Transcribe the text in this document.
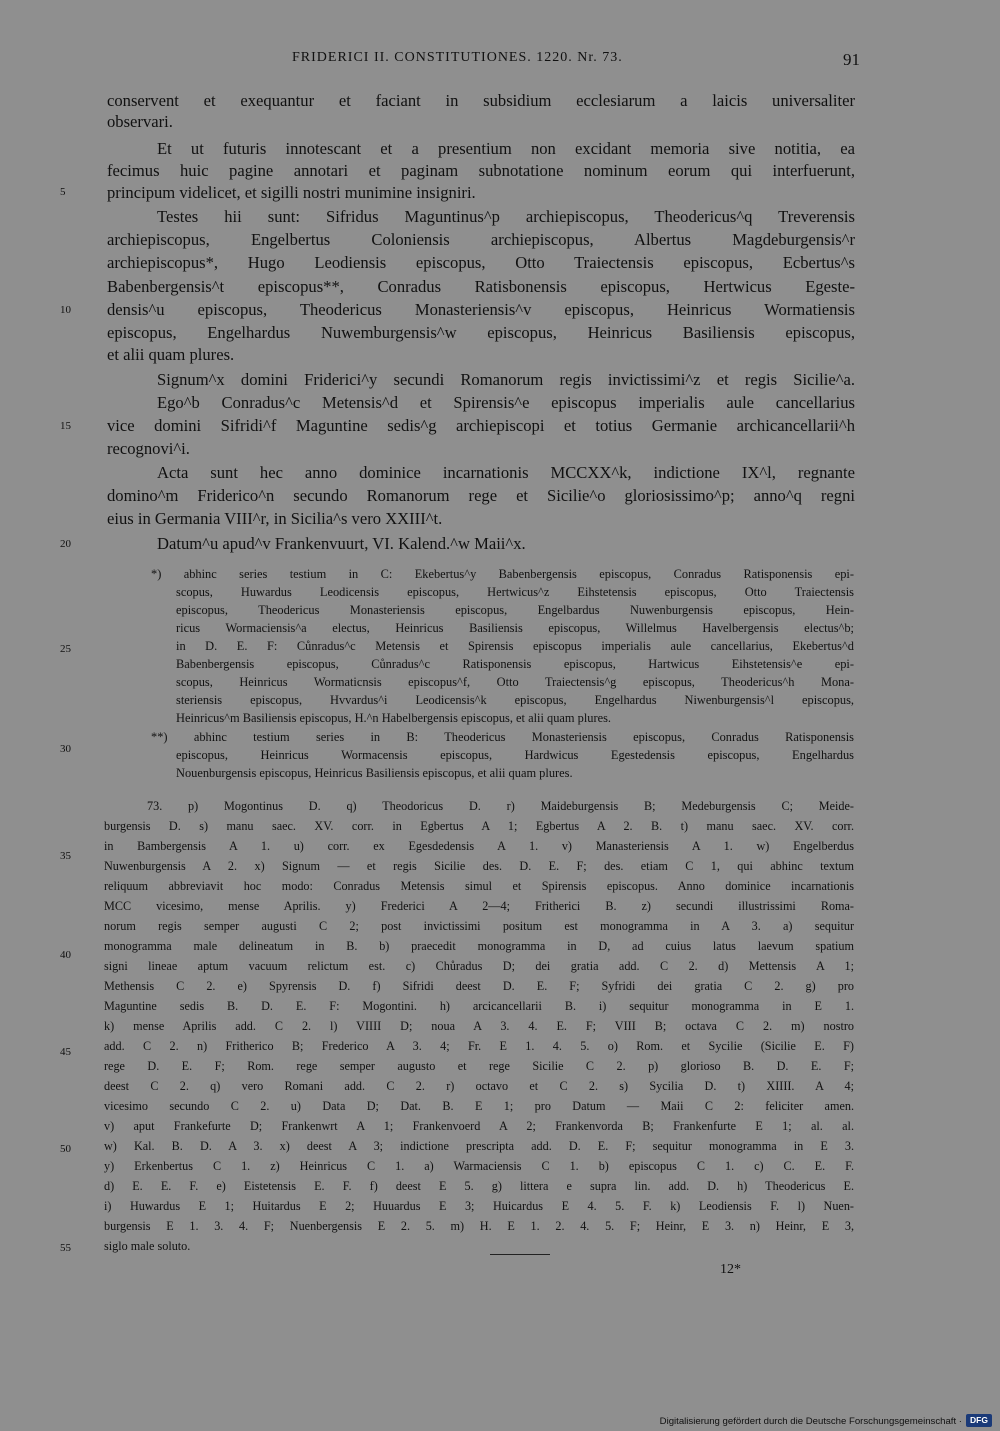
FRIDERICI II. CONSTITUTIONES. 1220. Nr. 73.	91
conservent et exequantur et faciant in subsidium ecclesiarum a laicis universaliter
observari.
Et ut futuris innotescant et a presentium non excidant memoria sive notitia, ea
fecimus huic pagine annotari et paginam subnotatione nominum eorum qui interfuerunt,
principum videlicet, et sigilli nostri munimine insigniri.
Testes hii sunt: Sifridus Maguntinus^p archiepiscopus, Theodericus^q Treverensis
archiepiscopus, Engelbertus Coloniensis archiepiscopus, Albertus Magdeburgensis^r
archiepiscopus*, Hugo Leodiensis episcopus, Otto Traiectensis episcopus, Ecbertus^s
Babenbergensis^t episcopus**, Conradus Ratisbonensis episcopus, Hertwicus Egeste-
densis^u episcopus, Theodericus Monasteriensis^v episcopus, Heinricus Wormatiensis
episcopus, Engelhardus Nuwemburgensis^w episcopus, Heinricus Basiliensis episcopus,
et alii quam plures.
Signum^x domini Friderici^y secundi Romanorum regis invictissimi^z et regis Sicilie^a.
Ego^b Conradus^c Metensis^d et Spirensis^e episcopus imperialis aule cancellarius
vice domini Sifridi^f Maguntine sedis^g archiepiscopi et totius Germanie archicancellarii^h
recognovi^i.
Acta sunt hec anno dominice incarnationis MCCXX^k, indictione IX^l, regnante
domino^m Friderico^n secundo Romanorum rege et Sicilie^o gloriosissimo^p; anno^q regni
eius in Germania VIII^r, in Sicilia^s vero XXIII^t.
Datum^u apud^v Frankenvuurt, VI. Kalend.^w Maii^x.
*) abhinc series testium in C: Ekebertus^y Babenbergensis episcopus, Conradus Ratisponensis epi-
scopus, Huwardus Leodicensis episcopus, Hertwicus^z Eihstetensis episcopus, Otto Traiectensis
episcopus, Theodericus Monasteriensis episcopus, Engelbardus Nuwenburgensis episcopus, Hein-
ricus Wormaciensis^a electus, Heinricus Basiliensis episcopus, Willelmus Havelbergensis electus^b;
in D. E. F: Cůnradus^c Metensis et Spirensis episcopus imperialis aule cancellarius, Ekebertus^d
Babenbergensis episcopus, Cůnradus^c Ratisponensis episcopus, Hartwicus Eihstetensis^e epi-
scopus, Heinricus Wormaticnsis episcopus^f, Otto Traiectensis^g episcopus, Theodericus^h Mona-
steriensis episcopus, Hvvardus^i Leodicensis^k episcopus, Engelhardus Niwenburgensis^l episcopus,
Heinricus^m Basiliensis episcopus, H.^n Habelbergensis episcopus, et alii quam plures.
**) abhinc testium series in B: Theodericus Monasteriensis episcopus, Conradus Ratisponensis
episcopus, Heinricus Wormacensis episcopus, Hardwicus Egestedensis episcopus, Engelhardus
Nouenburgensis episcopus, Heinricus Basiliensis episcopus, et alii quam plures.
73. p) Mogontinus D. q) Theodoricus D. r) Maideburgensis B; Medeburgensis C; Meide-
burgensis D. s) manu saec. XV. corr. in Egbertus A 1; Egbertus A 2. B. t) manu saec. XV. corr.
in Bambergensis A 1. u) corr. ex Egesdedensis A 1. v) Manasteriensis A 1. w) Engelberdus
Nuwenburgensis A 2. x) Signum — et regis Sicilie des. D. E. F; des. etiam C 1, qui abhinc textum
reliquum abbreviavit hoc modo: Conradus Metensis simul et Spirensis episcopus. Anno dominice incarnationis
MCC vicesimo, mense Aprilis. y) Frederici A 2—4; Fritherici B. z) secundi illustrissimi Roma-
norum regis semper augusti C 2; post invictissimi positum est monogramma in A 3. a) sequitur
monogramma male delineatum in B. b) praecedit monogramma in D, ad cuius latus laevum spatium
signi lineae aptum vacuum relictum est. c) Chůradus D; dei gratia add. C 2. d) Mettensis A 1;
Methensis C 2. e) Spyrensis D. f) Sifridi deest D. E. F; Syfridi dei gratia C 2. g) pro
Maguntine sedis B. D. E. F: Mogontini. h) arcicancellarii B. i) sequitur monogramma in E 1.
k) mense Aprilis add. C 2. l) VIIII D; noua A 3. 4. E. F; VIII B; octava C 2. m) nostro
add. C 2. n) Fritherico B; Frederico A 3. 4; Fr. E 1. 4. 5. o) Rom. et Sycilie (Sicilie E. F)
rege D. E. F; Rom. rege semper augusto et rege Sicilie C 2. p) glorioso B. D. E. F;
deest C 2. q) vero Romani add. C 2. r) octavo et C 2. s) Sycilia D. t) XIIII. A 4;
vicesimo secundo C 2. u) Data D; Dat. B. E 1; pro Datum — Maii C 2: feliciter amen.
v) aput Frankefurte D; Frankenwrt A 1; Frankenvoerd A 2; Frankenvorda B; Frankenfurte E 1; al. al.
w) Kal. B. D. A 3. x) deest A 3; indictione prescripta add. D. E. F; sequitur monogramma in E 3.
y) Erkenbertus C 1. z) Heinricus C 1. a) Warmaciensis C 1. b) episcopus C 1. c) C. E. F.
d) E. E. F. e) Eistetensis E. F. f) deest E 5. g) littera e supra lin. add. D. h) Theodericus E.
i) Huwardus E 1; Huitardus E 2; Huuardus E 3; Huicardus E 4. 5. F. k) Leodiensis F. l) Nuen-
burgensis E 1. 3. 4. F; Nuenbergensis E 2. 5. m) H. E 1. 2. 4. 5. F; Heinr, E 3. n) Heinr, E 3,
siglo male soluto.
5
10
15
20
25
30
35
40
45
50
55
12*
Digitalisierung gefördert durch die Deutsche Forschungsgemeinschaft · DFG
